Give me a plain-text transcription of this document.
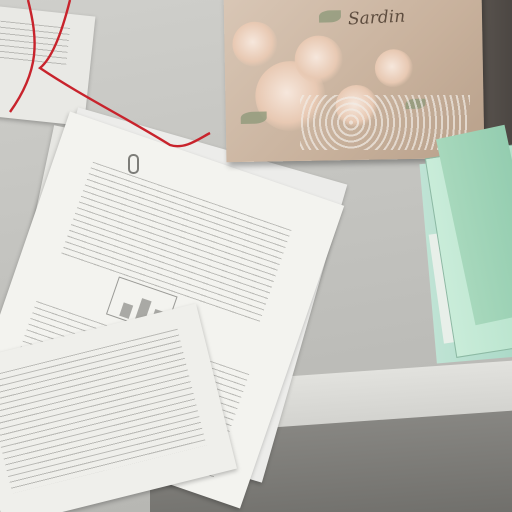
Sardin
